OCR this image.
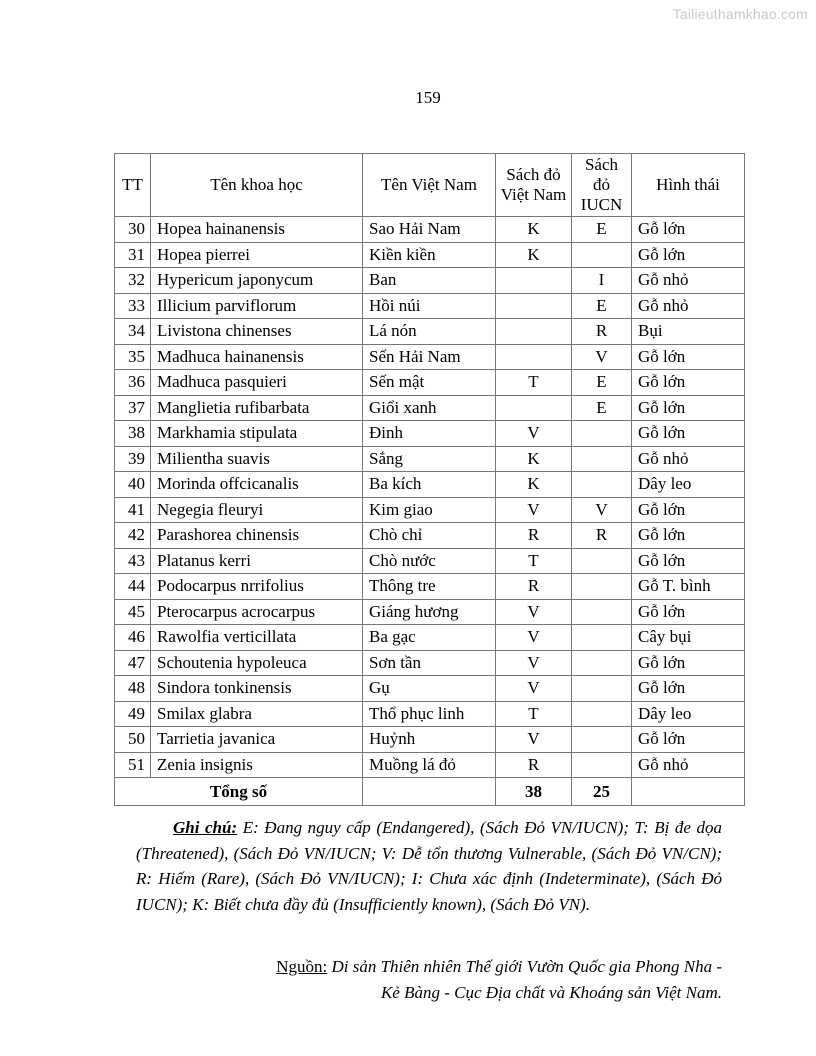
Tailieuthamkhao.com
159
TT	Tên khoa học	Tên Việt Nam	Sách đỏ Việt Nam	Sách đỏ IUCN	Hình thái
30	Hopea hainanensis	Sao Hải Nam	K	E	Gỗ lớn
31	Hopea pierrei	Kiền kiền	K		Gỗ lớn
32	Hypericum japonycum	Ban		I	Gỗ nhỏ
33	Illicium parviflorum	Hồi núi		E	Gỗ nhỏ
34	Livistona chinenses	Lá nón		R	Bụi
35	Madhuca hainanensis	Sến Hải Nam		V	Gỗ lớn
36	Madhuca pasquieri	Sến mật	T	E	Gỗ lớn
37	Manglietia rufibarbata	Giổi xanh		E	Gỗ lớn
38	Markhamia stipulata	Đinh	V		Gỗ lớn
39	Milientha suavis	Sắng	K		Gỗ nhỏ
40	Morinda offcicanalis	Ba kích	K		Dây leo
41	Negegia fleuryi	Kim giao	V	V	Gỗ lớn
42	Parashorea chinensis	Chò chỉ	R	R	Gỗ lớn
43	Platanus kerri	Chò nước	T		Gỗ lớn
44	Podocarpus nrrifolius	Thông tre	R		Gỗ T. bình
45	Pterocarpus acrocarpus	Giáng hương	V		Gỗ lớn
46	Rawolfia verticillata	Ba gạc	V		Cây bụi
47	Schoutenia hypoleuca	Sơn tần	V		Gỗ lớn
48	Sindora tonkinensis	Gụ	V		Gỗ lớn
49	Smilax glabra	Thổ phục linh	T		Dây leo
50	Tarrietia javanica	Huỷnh	V		Gỗ lớn
51	Zenia insignis	Muồng lá đỏ	R		Gỗ nhỏ
Tổng số			38	25	
Ghi chú: E: Đang nguy cấp (Endangered), (Sách Đỏ VN/IUCN); T: Bị đe dọa (Threatened), (Sách Đỏ VN/IUCN; V: Dễ tổn thương Vulnerable, (Sách Đỏ VN/CN); R: Hiếm (Rare), (Sách Đỏ VN/IUCN); I: Chưa xác định (Indeterminate), (Sách Đỏ IUCN); K: Biết chưa đầy đủ (Insufficiently known), (Sách Đỏ VN).
Nguồn: Di sản Thiên nhiên Thế giới Vườn Quốc gia Phong Nha -
Kẻ Bàng - Cục Địa chất và Khoáng sản Việt Nam.
